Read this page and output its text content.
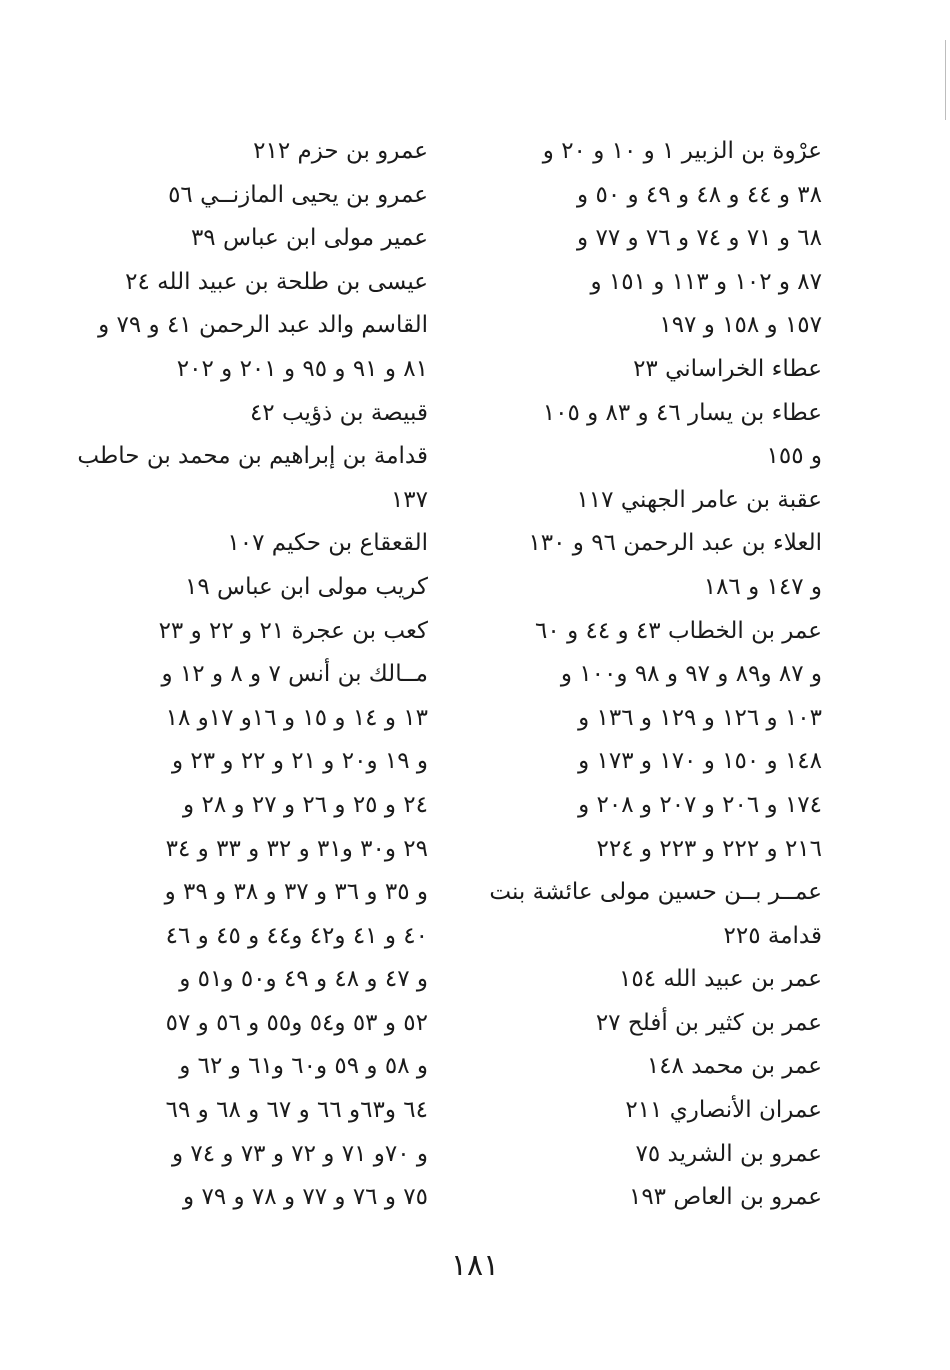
عرْوة بن الزبير ١ و ١٠ و ٢٠ و
٣٨ و ٤٤ و ٤٨ و ٤٩ و ٥٠ و
٦٨ و ٧١ و ٧٤ و ٧٦ و ٧٧ و
٨٧ و ١٠٢ و ١١٣ و ١٥١ و
١٥٧ و ١٥٨ و ١٩٧
عطاء الخراساني ٢٣
عطاء بن يسار ٤٦ و ٨٣ و ١٠٥
و ١٥٥
عقبة بن عامر الجهني ١١٧
العلاء بن عبد الرحمن ٩٦ و ١٣٠
و ١٤٧ و ١٨٦
عمر بن الخطاب ٤٣ و ٤٤ و ٦٠
و ٨٧ و٨٩ و ٩٧ و ٩٨ و١٠٠ و
١٠٣ و ١٢٦ و ١٢٩ و ١٣٦ و
١٤٨ و ١٥٠ و ١٧٠ و ١٧٣ و
١٧٤ و ٢٠٦ و ٢٠٧ و ٢٠٨ و
٢١٦ و ٢٢٢ و ٢٢٣ و ٢٢٤
عمــر بــن حسين مولى عائشة بنت
قدامة ٢٢٥
عمر بن عبيد الله ١٥٤
عمر بن كثير بن أفلح ٢٧
عمر بن محمد ١٤٨
عمران الأنصاري ٢١١
عمرو بن الشريد ٧٥
عمرو بن العاص ١٩٣
عمرو بن حزم ٢١٢
عمرو بن يحيى المازنــي ٥٦
عمير مولى ابن عباس ٣٩
عيسى بن طلحة بن عبيد الله ٢٤
القاسم والد عبد الرحمن ٤١ و ٧٩ و
٨١ و ٩١ و ٩٥ و ٢٠١ و ٢٠٢
قبيصة بن ذؤيب ٤٢
قدامة بن إبراهيم بن محمد بن حاطب
١٣٧
القعقاع بن حكيم ١٠٧
كريب مولى ابن عباس ١٩
كعب بن عجرة ٢١ و ٢٢ و ٢٣
مــالك بن أنس ٧ و ٨ و ١٢ و
١٣ و ١٤ و ١٥ و ١٦و ١٧و ١٨
و ١٩ و٢٠ و ٢١ و ٢٢ و ٢٣ و
٢٤ و ٢٥ و ٢٦ و ٢٧ و ٢٨ و
٢٩ و٣٠ و٣١ و ٣٢ و ٣٣ و ٣٤
و ٣٥ و ٣٦ و ٣٧ و ٣٨ و ٣٩ و
٤٠ و ٤١ و٤٢ و٤٤ و ٤٥ و ٤٦
و ٤٧ و ٤٨ و ٤٩ و٥٠ و٥١ و
٥٢ و ٥٣ و٥٤ و٥٥ و ٥٦ و ٥٧
و ٥٨ و ٥٩ و٦٠ و٦١ و ٦٢ و
٦٤ و٦٣و ٦٦ و ٦٧ و ٦٨ و ٦٩
و ٧٠و ٧١ و ٧٢ و ٧٣ و ٧٤ و
٧٥ و ٧٦ و ٧٧ و ٧٨ و ٧٩ و
١٨١
